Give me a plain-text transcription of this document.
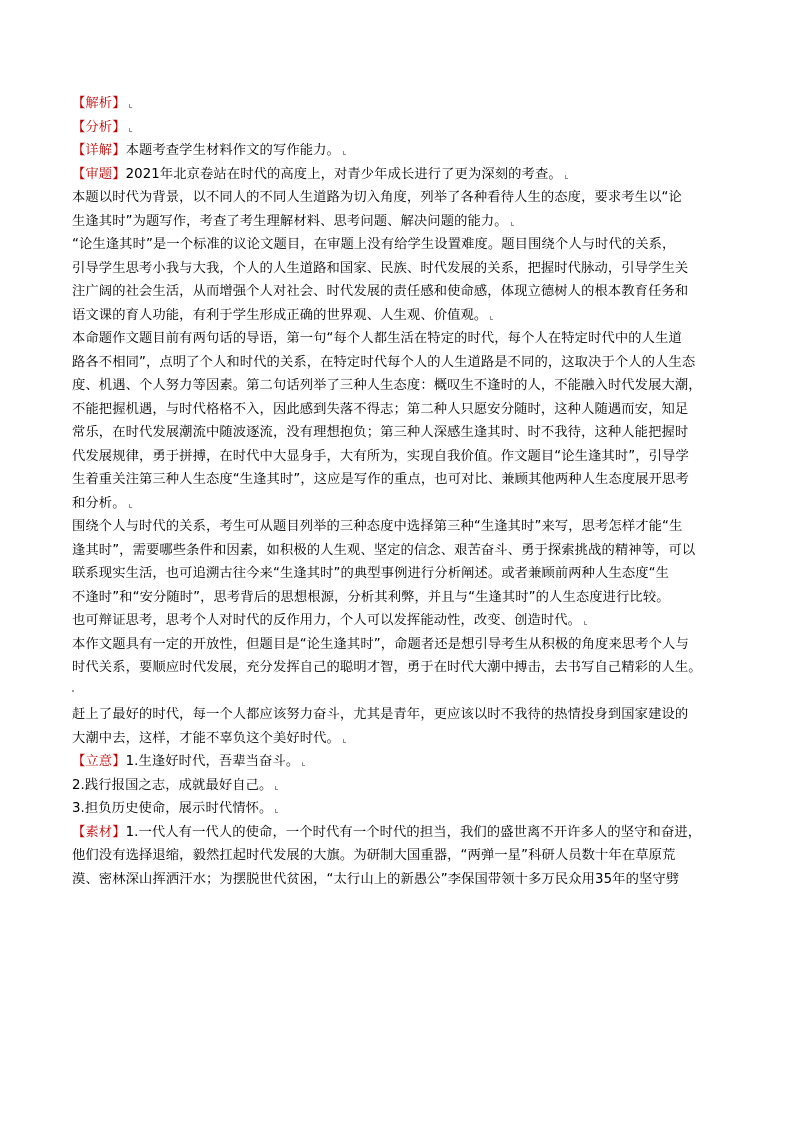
【解析】
【分析】
【详解】本题考查学生材料作文的写作能力。
【审题】2021年北京卷站在时代的高度上，对青少年成长进行了更为深刻的考查。
本题以时代为背景，以不同人的不同人生道路为切入角度，列举了各种看待人生的态度，要求考生以“论
生逢其时”为题写作，考查了考生理解材料、思考问题、解决问题的能力。
“论生逢其时”是一个标准的议论文题目，在审题上没有给学生设置难度。题目围绕个人与时代的关系，
引导学生思考小我与大我，个人的人生道路和国家、民族、时代发展的关系，把握时代脉动，引导学生关
注广阔的社会生活，从而增强个人对社会、时代发展的责任感和使命感，体现立德树人的根本教育任务和
语文课的育人功能，有利于学生形成正确的世界观、人生观、价值观。
本命题作文题目前有两句话的导语，第一句“每个人都生活在特定的时代，每个人在特定时代中的人生道
路各不相同”，点明了个人和时代的关系，在特定时代每个人的人生道路是不同的，这取决于个人的人生态
度、机遇、个人努力等因素。第二句话列举了三种人生态度：概叹生不逢时的人，不能融入时代发展大潮，
不能把握机遇，与时代格格不入，因此感到失落不得志；第二种人只愿安分随时，这种人随遇而安，知足
常乐，在时代发展潮流中随波逐流，没有理想抱负；第三种人深感生逢其时、时不我待，这种人能把握时
代发展规律，勇于拼搏，在时代中大显身手，大有所为，实现自我价值。作文题目“论生逢其时”，引导学
生着重关注第三种人生态度“生逢其时”，这应是写作的重点，也可对比、兼顾其他两种人生态度展开思考
和分析。
围绕个人与时代的关系，考生可从题目列举的三种态度中选择第三种“生逢其时”来写，思考怎样才能“生
逢其时”，需要哪些条件和因素，如积极的人生观、坚定的信念、艰苦奋斗、勇于探索挑战的精神等，可以
联系现实生活，也可追溯古往今来“生逢其时”的典型事例进行分析阐述。或者兼顾前两种人生态度“生
不逢时”和“安分随时”，思考背后的思想根源，分析其利弊，并且与“生逢其时”的人生态度进行比较。
也可辩证思考，思考个人对时代的反作用力，个人可以发挥能动性，改变、创造时代。
本作文题具有一定的开放性，但题目是“论生逢其时”，命题者还是想引导考生从积极的角度来思考个人与
时代关系，要顺应时代发展，充分发挥自己的聪明才智，勇于在时代大潮中搏击，去书写自己精彩的人生。
赶上了最好的时代，每一个人都应该努力奋斗，尤其是青年，更应该以时不我待的热情投身到国家建设的
大潮中去，这样，才能不辜负这个美好时代。
【立意】1.生逢好时代，吾辈当奋斗。
2.践行报国之志，成就最好自己。
3.担负历史使命，展示时代情怀。
【素材】1.一代人有一代人的使命，一个时代有一个时代的担当，我们的盛世离不开许多人的坚守和奋进，
他们没有选择退缩，毅然扛起时代发展的大旗。为研制大国重器，“两弹一星”科研人员数十年在草原荒
漠、密林深山挥洒汗水；为摆脱世代贫困，“太行山上的新愚公”李保国带领十多万民众用35年的坚守劈
